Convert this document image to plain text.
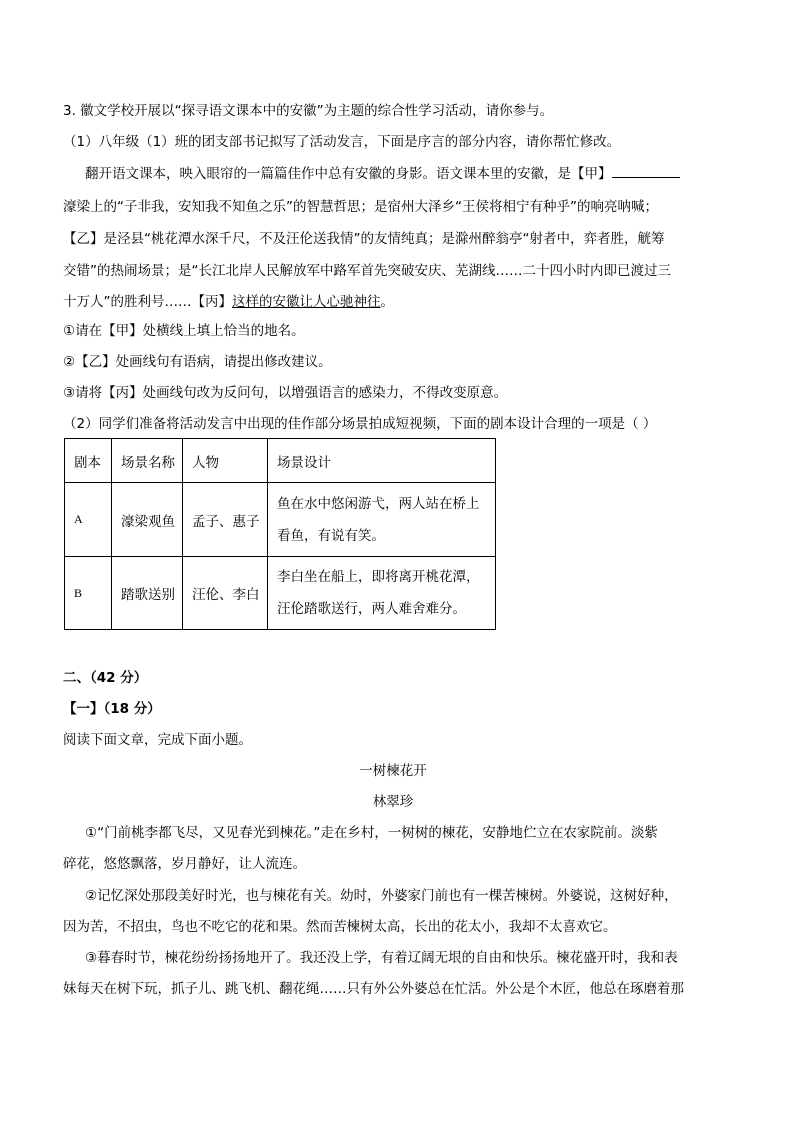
3. 徽文学校开展以“探寻语文课本中的安徽”为主题的综合性学习活动，请你参与。
（1）八年级（1）班的团支部书记拟写了活动发言，下面是序言的部分内容，请你帮忙修改。
翻开语文课本，映入眼帘的一篇篇佳作中总有安徽的身影。语文课本里的安徽，是【甲】
濠梁上的“子非我，安知我不知鱼之乐”的智慧哲思；是宿州大泽乡“王侯将相宁有种乎”的响亮呐喊；
【乙】是泾县“桃花潭水深千尺，不及汪伦送我情”的友情纯真；是滁州醉翁亭“射者中，弈者胜，觥筹
交错”的热闹场景；是“长江北岸人民解放军中路军首先突破安庆、芜湖线……二十四小时内即已渡过三
十万人”的胜利号……【丙】这样的安徽让人心驰神往。
①请在【甲】处横线上填上恰当的地名。
②【乙】处画线句有语病，请提出修改建议。
③请将【丙】处画线句改为反问句，以增强语言的感染力，不得改变原意。
（2）同学们准备将活动发言中出现的佳作部分场景拍成短视频，下面的剧本设计合理的一项是（ ）
剧本	场景名称	人物	场景设计
A	濠梁观鱼	孟子、惠子	鱼在水中悠闲游弋，两人站在桥上
看鱼，有说有笑。

B	踏歌送别	汪伦、李白	李白坐在船上，即将离开桃花潭，
汪伦踏歌送行，两人难舍难分。
二、（42 分）
【一】（18 分）
阅读下面文章，完成下面小题。
一树楝花开
林翠珍
①“门前桃李都飞尽，又见春光到楝花。”走在乡村，一树树的楝花，安静地伫立在农家院前。淡紫
碎花，悠悠飘落，岁月静好，让人流连。
②记忆深处那段美好时光，也与楝花有关。幼时，外婆家门前也有一棵苦楝树。外婆说，这树好种，
因为苦，不招虫，鸟也不吃它的花和果。然而苦楝树太高，长出的花太小，我却不太喜欢它。
③暮春时节，楝花纷纷扬扬地开了。我还没上学，有着辽阔无垠的自由和快乐。楝花盛开时，我和表
妹每天在树下玩，抓子儿、跳飞机、翻花绳……只有外公外婆总在忙活。外公是个木匠，他总在琢磨着那
